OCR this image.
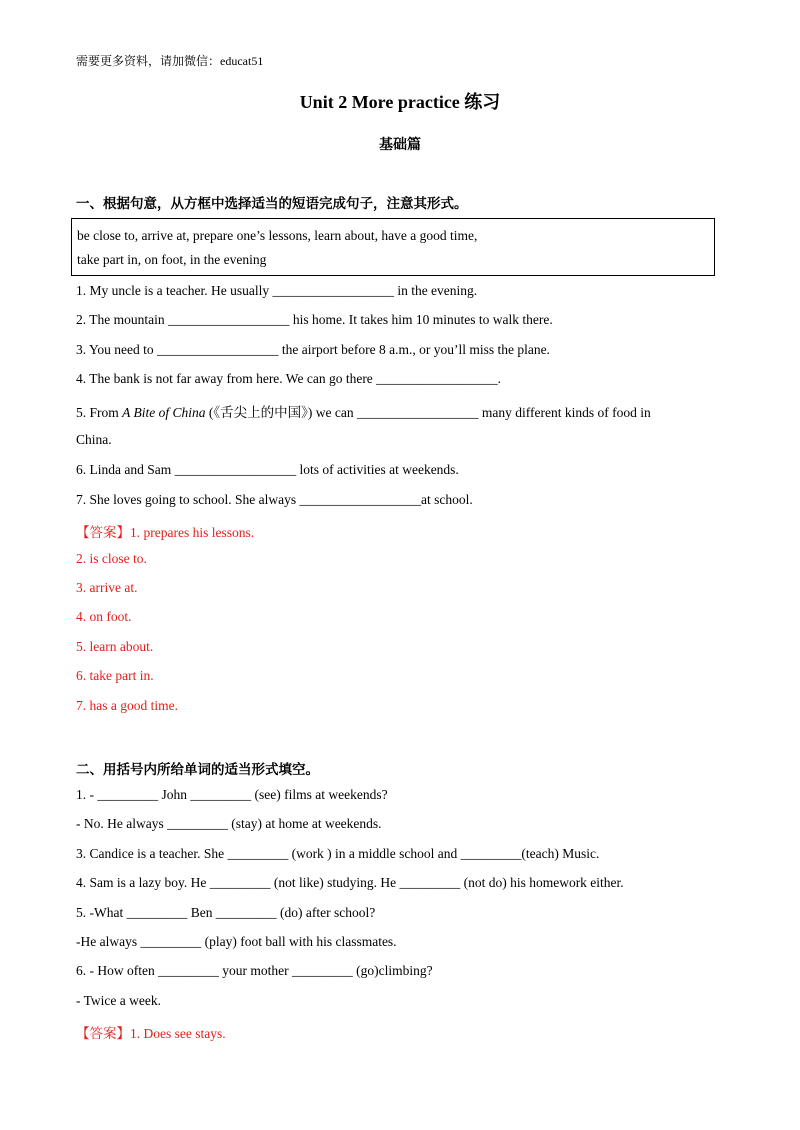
需要更多资料，请加微信：educat51
Unit 2 More practice 练习
基础篇
一、根据句意，从方框中选择适当的短语完成句子，注意其形式。
be close to, arrive at, prepare one’s lessons, learn about, have a good time,
take part in, on foot, in the evening
1. My uncle is a teacher. He usually __________________ in the evening.
2. The mountain __________________ his home. It takes him 10 minutes to walk there.
3. You need to __________________ the airport before 8 a.m., or you’ll miss the plane.
4. The bank is not far away from here. We can go there __________________.
5. From A Bite of China (《舌尖上的中国》) we can __________________ many different kinds of food in
China.
6. Linda and Sam __________________ lots of activities at weekends.
7. She loves going to school. She always __________________at school.
【答案】1. prepares his lessons.
2. is close to.
3. arrive at.
4. on foot.
5. learn about.
6. take part in.
7. has a good time.
二、用括号内所给单词的适当形式填空。
1. - _________ John _________ (see) films at weekends?
- No. He always _________ (stay) at home at weekends.
3. Candice is a teacher. She _________ (work ) in a middle school and _________(teach) Music.
4. Sam is a lazy boy. He _________ (not like) studying. He _________ (not do) his homework either.
5. -What _________ Ben _________ (do) after school?
-He always _________ (play) foot ball with his classmates.
6. - How often _________ your mother _________ (go)climbing?
- Twice a week.
【答案】1. Does see stays.
